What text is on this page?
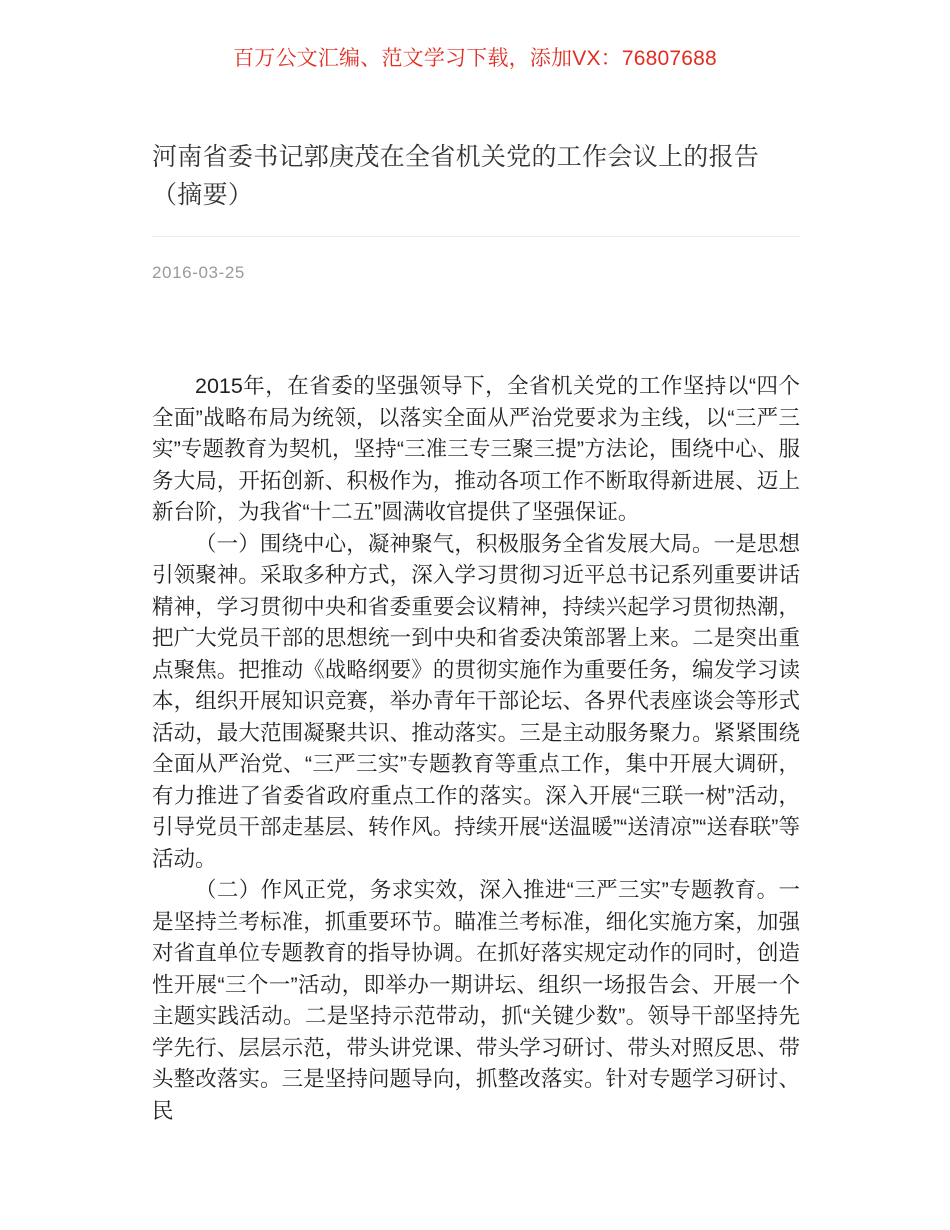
百万公文汇编、范文学习下载，添加VX：76807688
河南省委书记郭庚茂在全省机关党的工作会议上的报告（摘要）
2016-03-25

2015年，在省委的坚强领导下，全省机关党的工作坚持以“四个全面”战略布局为统领，以落实全面从严治党要求为主线，以“三严三实”专题教育为契机，坚持“三准三专三聚三提”方法论，围绕中心、服务大局，开拓创新、积极作为，推动各项工作不断取得新进展、迈上新台阶，为我省“十二五”圆满收官提供了坚强保证。

（一）围绕中心，凝神聚气，积极服务全省发展大局。一是思想引领聚神。采取多种方式，深入学习贯彻习近平总书记系列重要讲话精神，学习贯彻中央和省委重要会议精神，持续兴起学习贯彻热潮，把广大党员干部的思想统一到中央和省委决策部署上来。二是突出重点聚焦。把推动《战略纲要》的贯彻实施作为重要任务，编发学习读本，组织开展知识竞赛，举办青年干部论坛、各界代表座谈会等形式活动，最大范围凝聚共识、推动落实。三是主动服务聚力。紧紧围绕全面从严治党、“三严三实”专题教育等重点工作，集中开展大调研，有力推进了省委省政府重点工作的落实。深入开展“三联一树”活动，引导党员干部走基层、转作风。持续开展“送温暖”“送清凉”“送春联”等活动。

（二）作风正党，务求实效，深入推进“三严三实”专题教育。一是坚持兰考标准，抓重要环节。瞄准兰考标准，细化实施方案，加强对省直单位专题教育的指导协调。在抓好落实规定动作的同时，创造性开展“三个一”活动，即举办一期讲坛、组织一场报告会、开展一个主题实践活动。二是坚持示范带动，抓“关键少数”。领导干部坚持先学先行、层层示范，带头讲党课、带头学习研讨、带头对照反思、带头整改落实。三是坚持问题导向，抓整改落实。针对专题学习研讨、民
